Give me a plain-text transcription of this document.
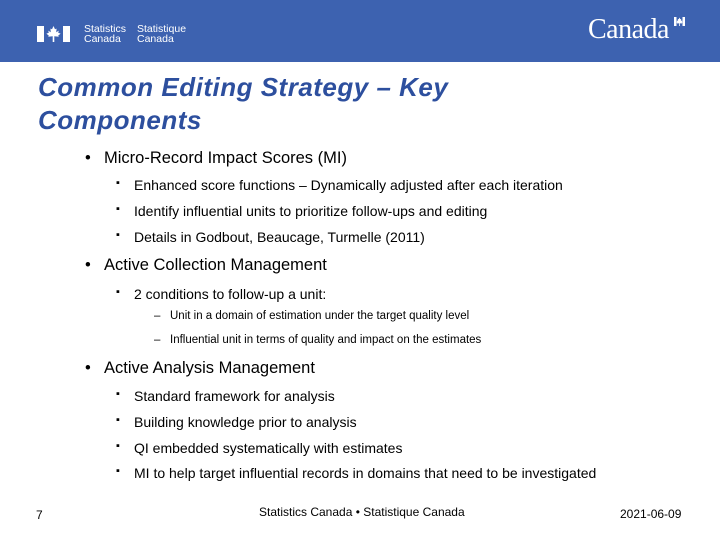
Statistics
Canada
Statistique
Canada	Canada
Common Editing Strategy – Key
Components

• Micro-Record Impact Scores (MI)

▪ Enhanced score functions – Dynamically adjusted after each iteration

▪ Identify influential units to prioritize follow-ups and editing

▪ Details in Godbout, Beaucage, Turmelle (2011)

• Active Collection Management

▪ 2 conditions to follow-up a unit:

– Unit in a domain of estimation under the target quality level

– Influential unit in terms of quality and impact on the estimates

• Active Analysis Management

▪ Standard framework for analysis

▪ Building knowledge prior to analysis

▪ QI embedded systematically with estimates

▪ MI to help target influential records in domains that need to be investigated

7	Statistics Canada • Statistique Canada	2021-06-09
